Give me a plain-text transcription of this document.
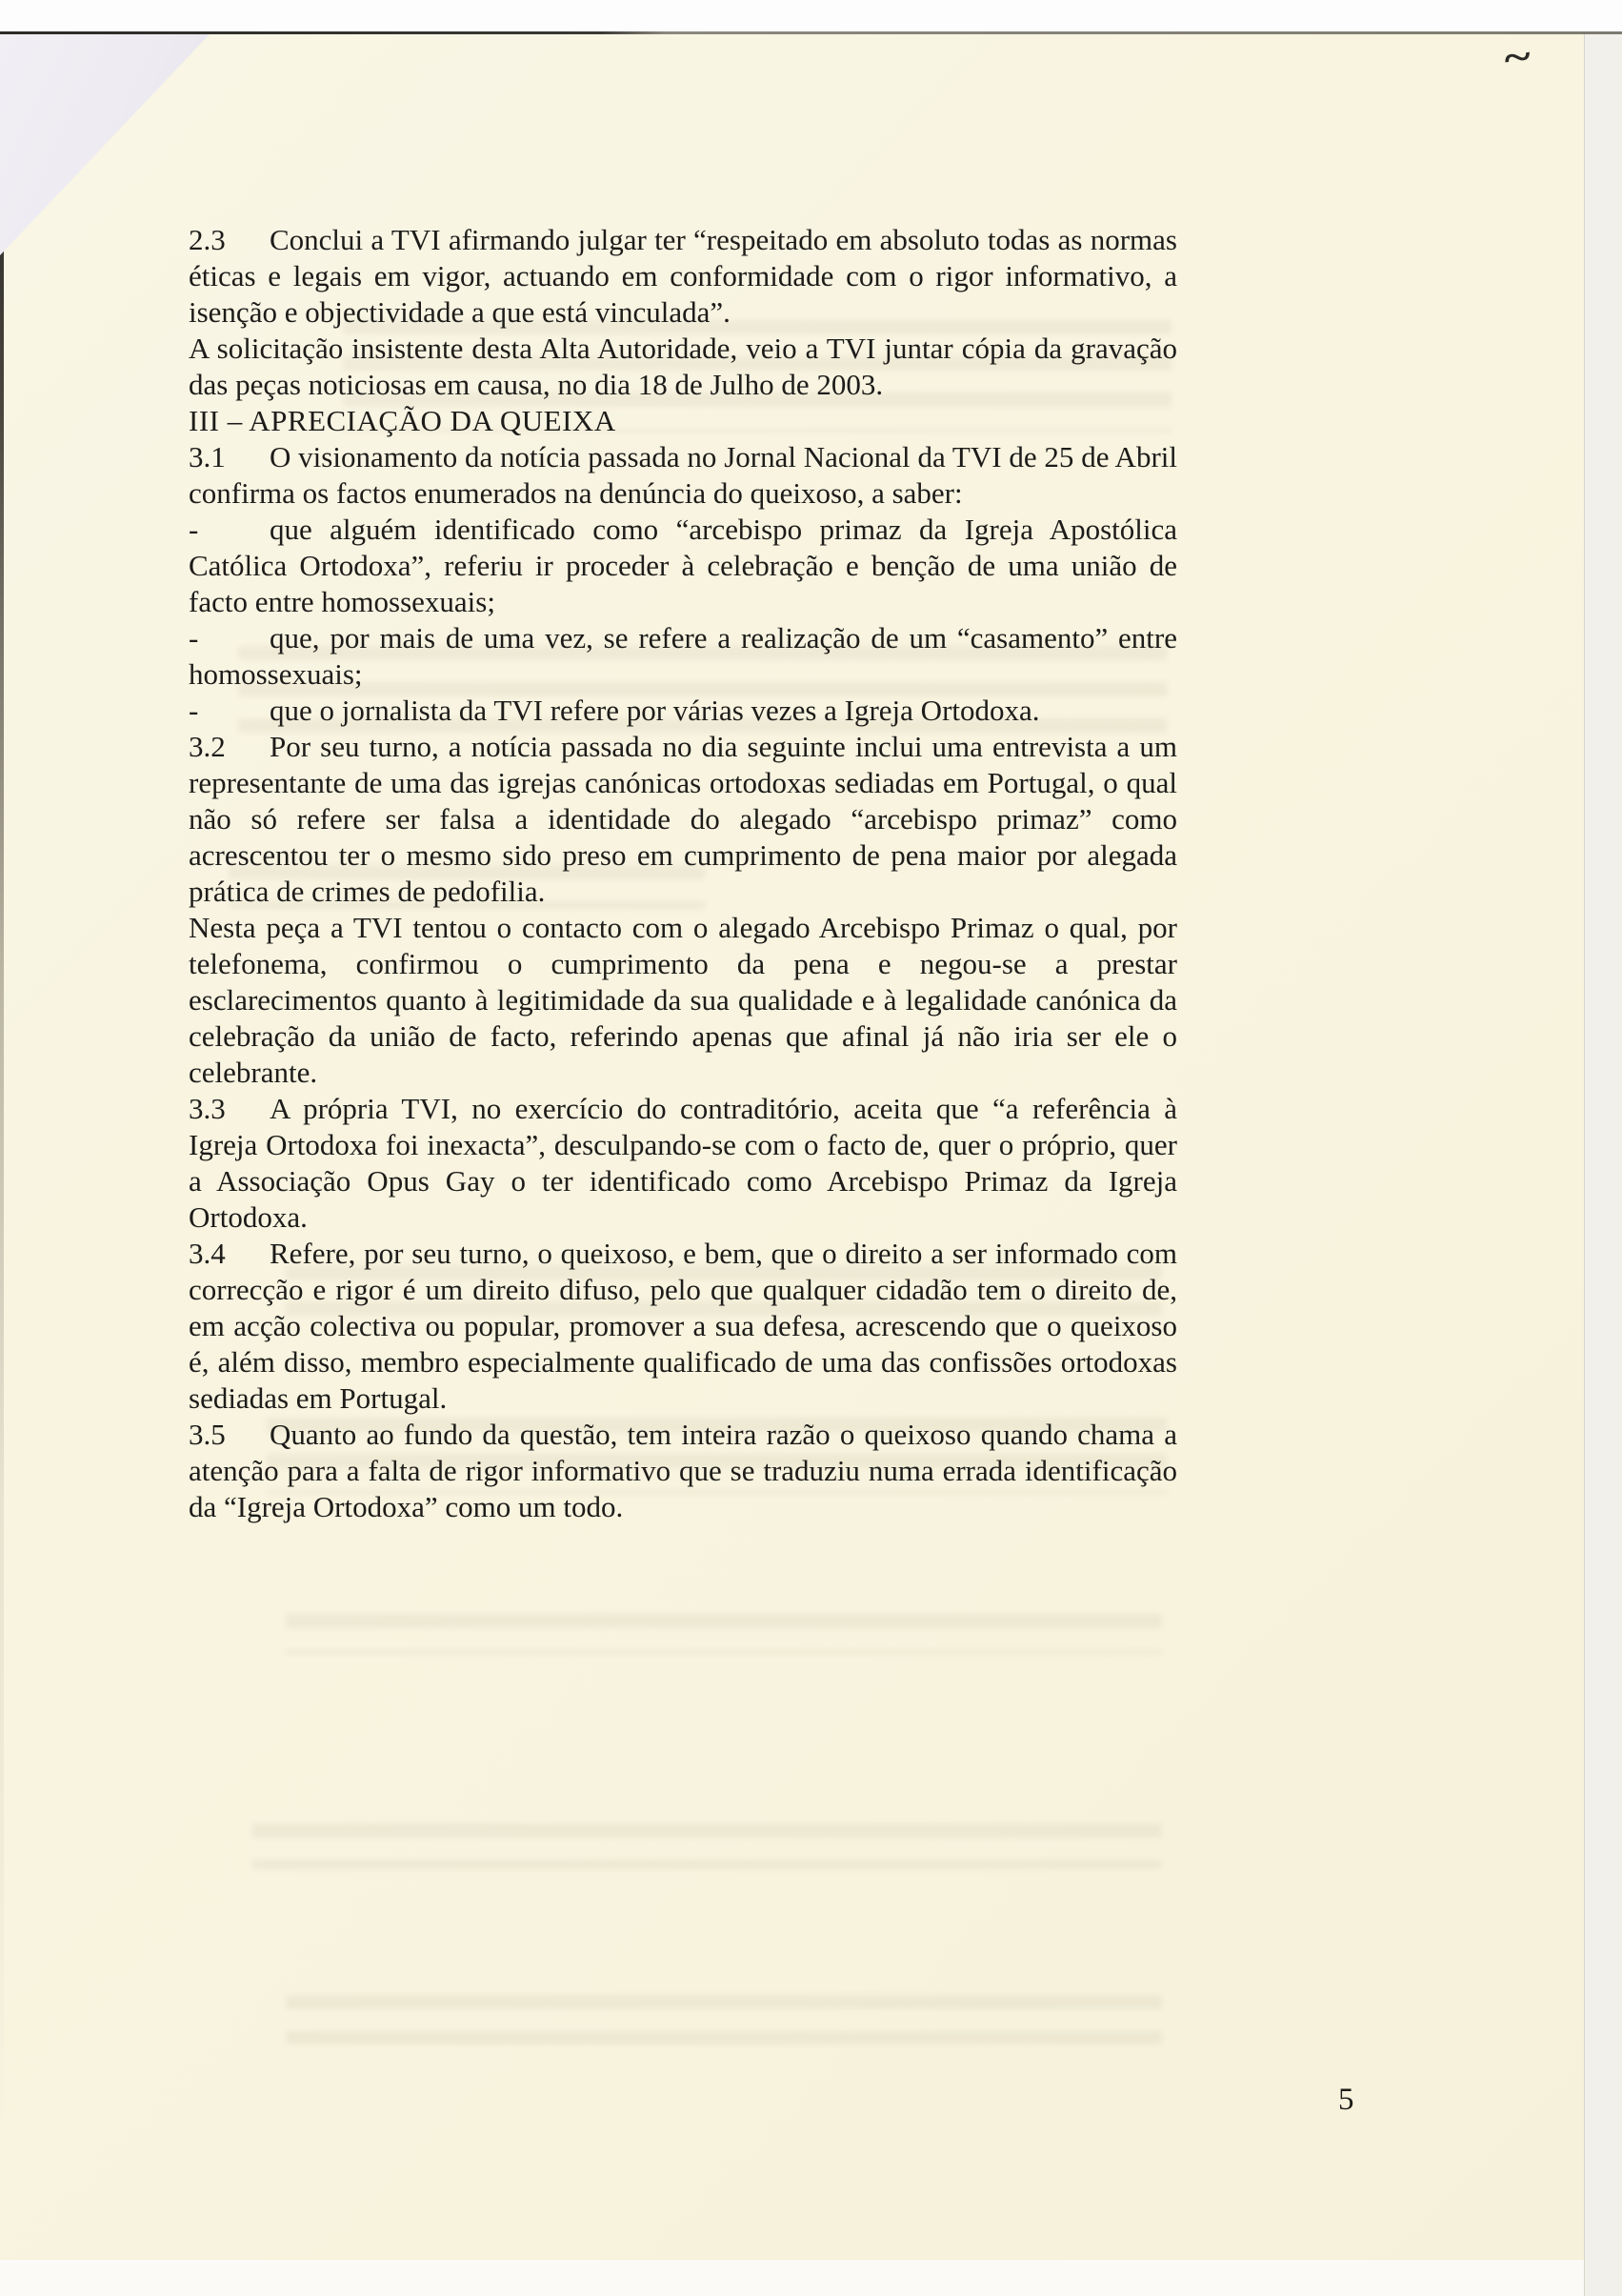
~

2.3 Conclui a TVI afirmando julgar ter “respeitado em absoluto todas as normas éticas e legais em vigor, actuando em conformidade com o rigor informativo, a isenção e objectividade a que está vinculada”.

A solicitação insistente desta Alta Autoridade, veio a TVI juntar cópia da gravação das peças noticiosas em causa, no dia 18 de Julho de 2003.

III – APRECIAÇÃO DA QUEIXA

3.1 O visionamento da notícia passada no Jornal Nacional da TVI de 25 de Abril confirma os factos enumerados na denúncia do queixoso, a saber:

- que alguém identificado como “arcebispo primaz da Igreja Apostólica Católica Ortodoxa”, referiu ir proceder à celebração e benção de uma união de facto entre homossexuais;

- que, por mais de uma vez, se refere a realização de um “casamento” entre homossexuais;

- que o jornalista da TVI refere por várias vezes a Igreja Ortodoxa.

3.2 Por seu turno, a notícia passada no dia seguinte inclui uma entrevista a um representante de uma das igrejas canónicas ortodoxas sediadas em Portugal, o qual não só refere ser falsa a identidade do alegado “arcebispo primaz” como acrescentou ter o mesmo sido preso em cumprimento de pena maior por alegada prática de crimes de pedofilia.

Nesta peça a TVI tentou o contacto com o alegado Arcebispo Primaz o qual, por telefonema, confirmou o cumprimento da pena e negou-se a prestar esclarecimentos quanto à legitimidade da sua qualidade e à legalidade canónica da celebração da união de facto, referindo apenas que afinal já não iria ser ele o celebrante.

3.3 A própria TVI, no exercício do contraditório, aceita que “a referência à Igreja Ortodoxa foi inexacta”, desculpando-se com o facto de, quer o próprio, quer a Associação Opus Gay o ter identificado como Arcebispo Primaz da Igreja Ortodoxa.

3.4 Refere, por seu turno, o queixoso, e bem, que o direito a ser informado com correcção e rigor é um direito difuso, pelo que qualquer cidadão tem o direito de, em acção colectiva ou popular, promover a sua defesa, acrescendo que o queixoso é, além disso, membro especialmente qualificado de uma das confissões ortodoxas sediadas em Portugal.

3.5 Quanto ao fundo da questão, tem inteira razão o queixoso quando chama a atenção para a falta de rigor informativo que se traduziu numa errada identificação da “Igreja Ortodoxa” como um todo.

5
